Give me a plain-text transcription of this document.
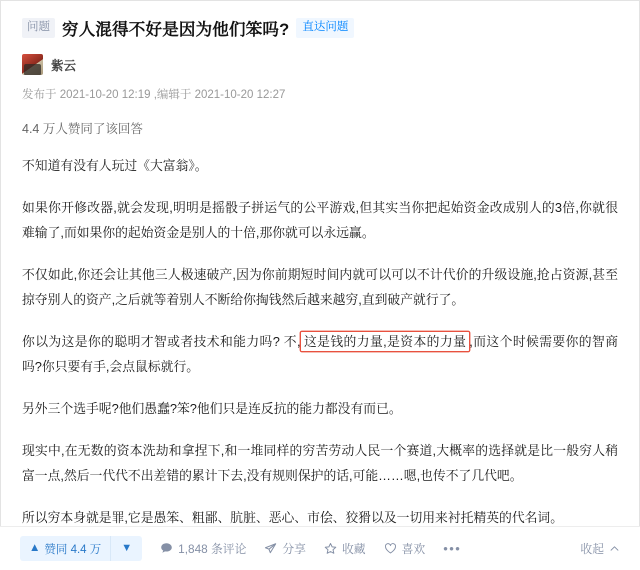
问题 穷人混得不好是因为他们笨吗?	直达问题
紫云
发布于 2021-10-20 12:19 ,编辑于 2021-10-20 12:27
4.4 万人赞同了该回答
不知道有没有人玩过《大富翁》。
如果你开修改器,就会发现,明明是摇骰子拼运气的公平游戏,但其实当你把起始资金改成别人的3倍,你就很难输了,而如果你的起始资金是别人的十倍,那你就可以永远赢。
不仅如此,你还会让其他三人极速破产,因为你前期短时间内就可以可以不计代价的升级设施,抢占资源,甚至掠夺别人的资产,之后就等着别人不断给你掏钱然后越来越穷,直到破产就行了。
你以为这是你的聪明才智或者技术和能力吗? 不, 这是钱的力量,是资本的力量 ,而这个时候需要你的智商吗?你只要有手,会点鼠标就行。
另外三个选手呢?他们愚蠢?笨?他们只是连反抗的能力都没有而已。
现实中,在无数的资本洗劫和拿捏下,和一堆同样的穷苦劳动人民一个赛道,大概率的选择就是比一般穷人稍富一点,然后一代代不出差错的累计下去,没有规则保护的话,可能……嗯,也传不了几代吧。
所以穷本身就是罪,它是愚笨、粗鄙、肮脏、恶心、市侩、狡猾以及一切用来衬托精英的代名词。
▲ 赞同 4.4 万 ▼	1,848 条评论	分享	收藏	喜欢 •••	收起
